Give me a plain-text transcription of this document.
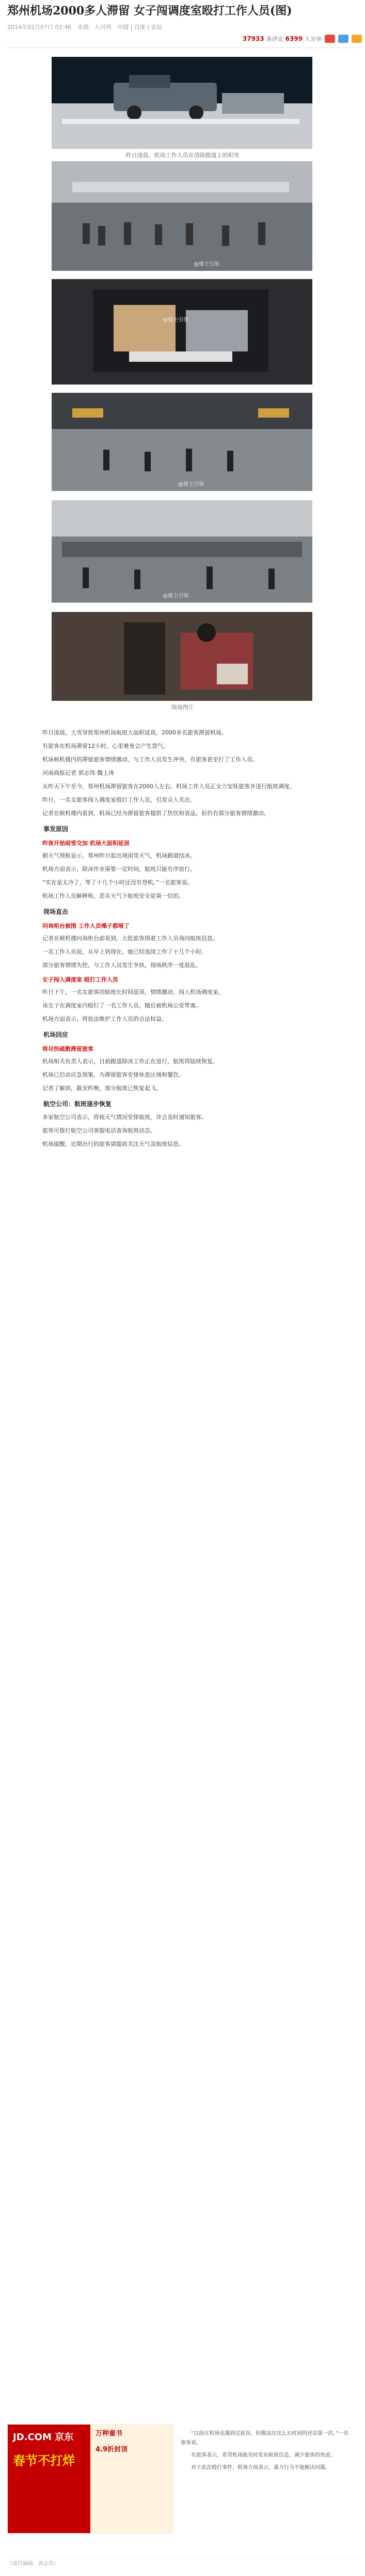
郑州机场2000多人滞留 女子闯调度室殴打工作人员(图)
2014年02月07日 02:46 来源：大河网 中国 | 百度 | 论坛
37933 条评论 6399 人分享
昨日凌晨，机场工作人员在清除跑道上的积雪
@楼主引领
@楼主引领
@楼主引领
@楼主引领
现场图片

昨日凌晨，大雪导致郑州机场航班大面积延误，2000多名旅客滞留机场。

有旅客在机场滞留12小时，心里难免会产生怨气。

机场候机楼内的滞留旅客情绪激动，与工作人员发生冲突，有旅客甚至打了工作人员。

河南商报记者 郭志伟 魏士涛

从昨天下午至今，郑州机场滞留旅客在2000人左右。机场工作人员正全力安抚旅客并进行航班调度。

昨日，一名女旅客闯入调度室殴打工作人员，引发众人关注。

记者在候机楼内看到，机场已经为滞留旅客提供了热饮和食品，但仍有部分旅客情绪激动。

事发原因
昨夜开始雨雪交加 机场大面积延误

据天气预报显示，郑州昨日起出现雨雪天气，机场跑道结冰。

机场方面表示，除冰作业需要一定时间，航班只能有序放行。

“实在是太冷了，等了十几个小时还没有登机。”一名旅客说。

机场工作人员解释称，恶劣天气下航班安全是第一位的。

现场直击
问询柜台被围 工作人员嗓子都哑了

记者在候机楼问询柜台前看到，大批旅客围着工作人员询问航班信息。

一名工作人员说，从早上到现在，她已经连续工作了十几个小时。

部分旅客情绪失控，与工作人员发生争执，现场秩序一度混乱。

女子闯入调度室 殴打工作人员

昨日下午，一名女旅客因航班长时间延误，情绪激动，闯入机场调度室。

该女子在调度室内殴打了一名工作人员，随后被机场公安带离。

机场方面表示，将依法维护工作人员的合法权益。

机场回应
将尽快疏散滞留旅客

机场相关负责人表示，目前跑道除冰工作正在进行，航班将陆续恢复。

机场已启动应急预案，为滞留旅客安排休息区域和餐饮。

记者了解到，截至昨晚，部分航班已恢复起飞。

航空公司：航班逐步恢复

多家航空公司表示，将视天气情况安排航班，并会及时通知旅客。

旅客可拨打航空公司客服电话查询航班动态。

机场提醒，近期出行的旅客请提前关注天气及航班信息。

JD.COM 京东
春节不打烊
万种童书
4.9折封顶

“以前在机场也遇到过延误，但像这次这么长时间的还是第一次。”一名旅客说。

有旅客表示，希望机场能及时发布航班信息，减少旅客的焦虑。

对于此次殴打事件，机场方面表示，暴力行为不能解决问题。

（责任编辑：郭志伟）
